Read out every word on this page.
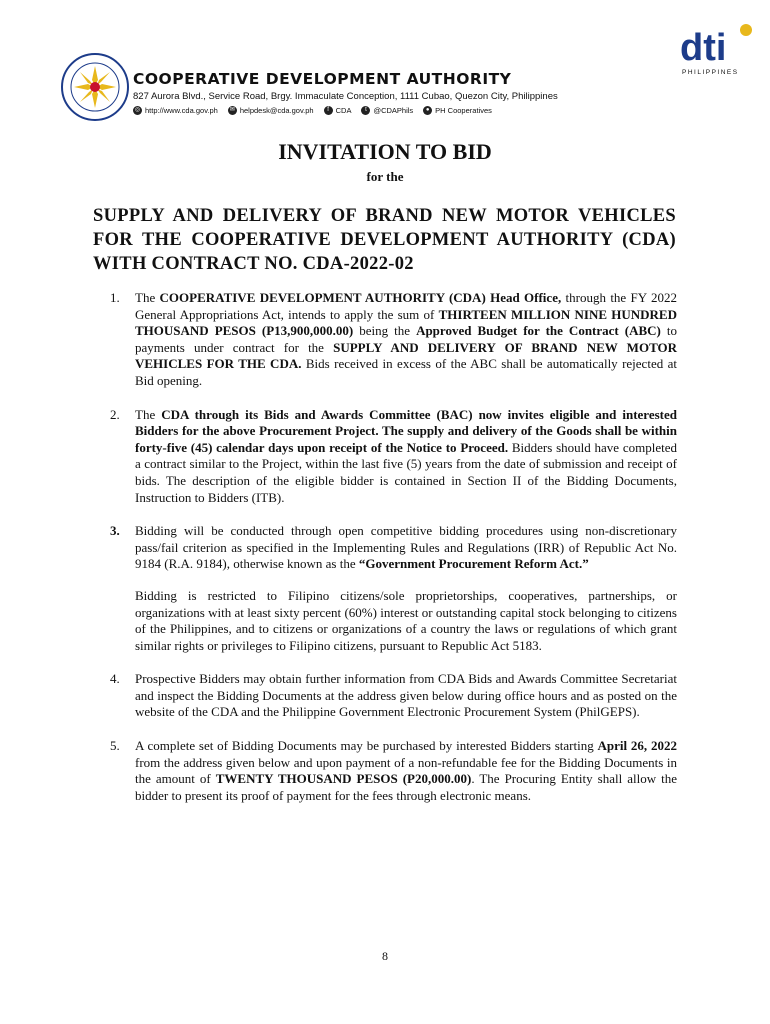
COOPERATIVE DEVELOPMENT AUTHORITY
827 Aurora Blvd., Service Road, Brgy. Immaculate Conception, 1111 Cubao, Quezon City, Philippines
◎ http://www.cda.gov.ph	✉ helpdesk@cda.gov.ph	f CDA	t @CDAPhils	● PH Cooperatives
dti
PHILIPPINES
INVITATION TO BID
for the
SUPPLY AND DELIVERY OF BRAND NEW MOTOR VEHICLES FOR THE COOPERATIVE DEVELOPMENT AUTHORITY (CDA) WITH CONTRACT NO. CDA-2022-02
1. The COOPERATIVE DEVELOPMENT AUTHORITY (CDA) Head Office, through the FY 2022 General Appropriations Act, intends to apply the sum of THIRTEEN MILLION NINE HUNDRED THOUSAND PESOS (P13,900,000.00) being the Approved Budget for the Contract (ABC) to payments under contract for the SUPPLY AND DELIVERY OF BRAND NEW MOTOR VEHICLES FOR THE CDA. Bids received in excess of the ABC shall be automatically rejected at Bid opening.
2. The CDA through its Bids and Awards Committee (BAC) now invites eligible and interested Bidders for the above Procurement Project. The supply and delivery of the Goods shall be within forty-five (45) calendar days upon receipt of the Notice to Proceed. Bidders should have completed a contract similar to the Project, within the last five (5) years from the date of submission and receipt of bids. The description of the eligible bidder is contained in Section II of the Bidding Documents, Instruction to Bidders (ITB).
3. Bidding will be conducted through open competitive bidding procedures using non-discretionary pass/fail criterion as specified in the Implementing Rules and Regulations (IRR) of Republic Act No. 9184 (R.A. 9184), otherwise known as the “Government Procurement Reform Act.”
Bidding is restricted to Filipino citizens/sole proprietorships, cooperatives, partnerships, or organizations with at least sixty percent (60%) interest or outstanding capital stock belonging to citizens of the Philippines, and to citizens or organizations of a country the laws or regulations of which grant similar rights or privileges to Filipino citizens, pursuant to Republic Act 5183.
4. Prospective Bidders may obtain further information from CDA Bids and Awards Committee Secretariat and inspect the Bidding Documents at the address given below during office hours and as posted on the website of the CDA and the Philippine Government Electronic Procurement System (PhilGEPS).
5. A complete set of Bidding Documents may be purchased by interested Bidders starting April 26, 2022 from the address given below and upon payment of a non-refundable fee for the Bidding Documents in the amount of TWENTY THOUSAND PESOS (P20,000.00). The Procuring Entity shall allow the bidder to present its proof of payment for the fees through electronic means.
8
